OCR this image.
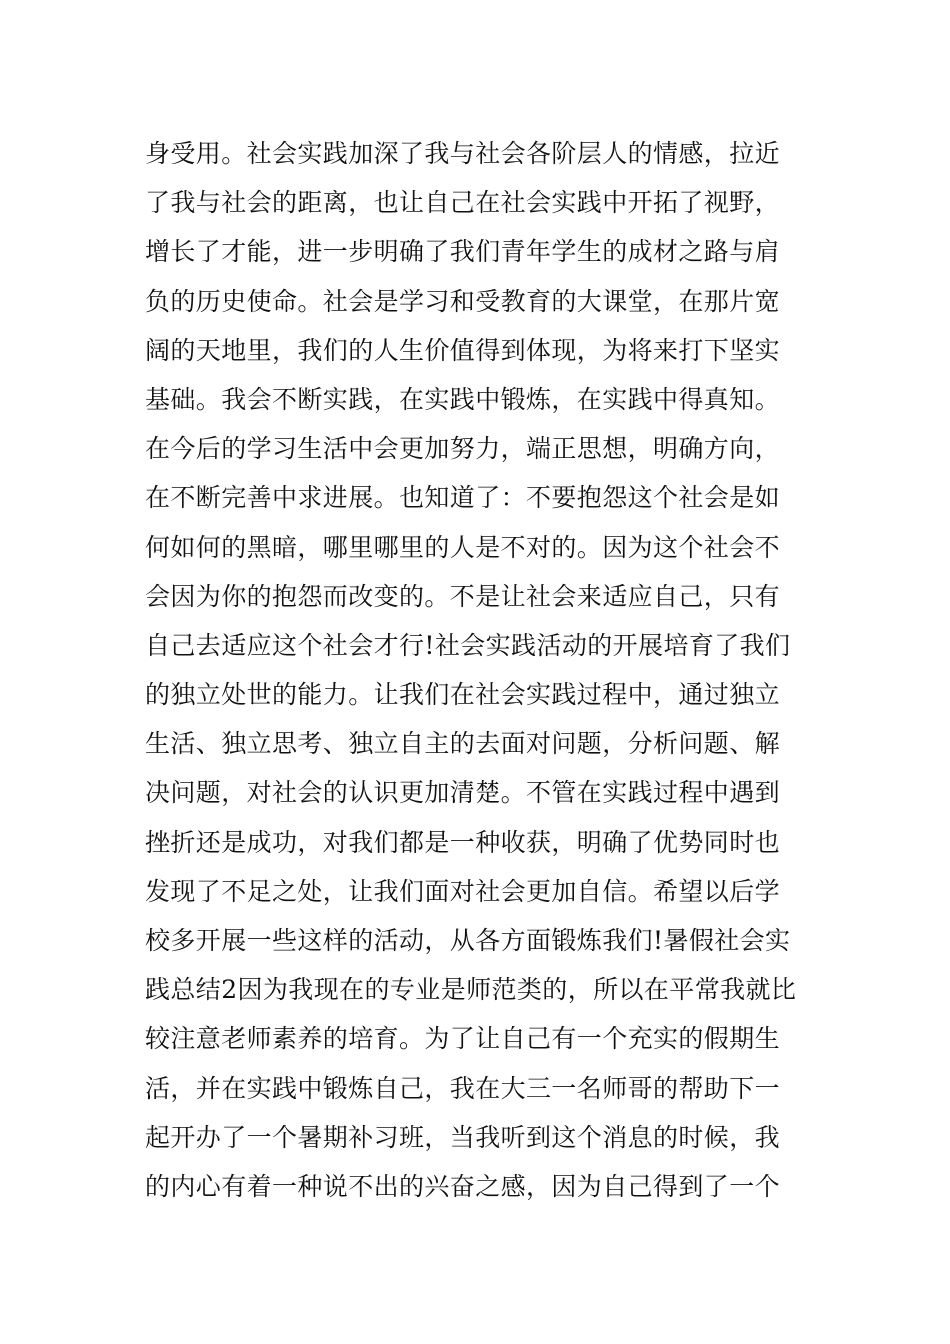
身受用。社会实践加深了我与社会各阶层人的情感，拉近
了我与社会的距离，也让自己在社会实践中开拓了视野，
增长了才能，进一步明确了我们青年学生的成材之路与肩
负的历史使命。社会是学习和受教育的大课堂，在那片宽
阔的天地里，我们的人生价值得到体现，为将来打下坚实
基础。我会不断实践，在实践中锻炼，在实践中得真知。
在今后的学习生活中会更加努力，端正思想，明确方向，
在不断完善中求进展。也知道了：不要抱怨这个社会是如
何如何的黑暗，哪里哪里的人是不对的。因为这个社会不
会因为你的抱怨而改变的。不是让社会来适应自己，只有
自己去适应这个社会才行!社会实践活动的开展培育了我们
的独立处世的能力。让我们在社会实践过程中，通过独立
生活、独立思考、独立自主的去面对问题，分析问题、解
决问题，对社会的认识更加清楚。不管在实践过程中遇到
挫折还是成功，对我们都是一种收获，明确了优势同时也
发现了不足之处，让我们面对社会更加自信。希望以后学
校多开展一些这样的活动，从各方面锻炼我们!暑假社会实
践总结2因为我现在的专业是师范类的，所以在平常我就比
较注意老师素养的培育。为了让自己有一个充实的假期生
活，并在实践中锻炼自己，我在大三一名师哥的帮助下一
起开办了一个暑期补习班，当我听到这个消息的时候，我
的内心有着一种说不出的兴奋之感，因为自己得到了一个
